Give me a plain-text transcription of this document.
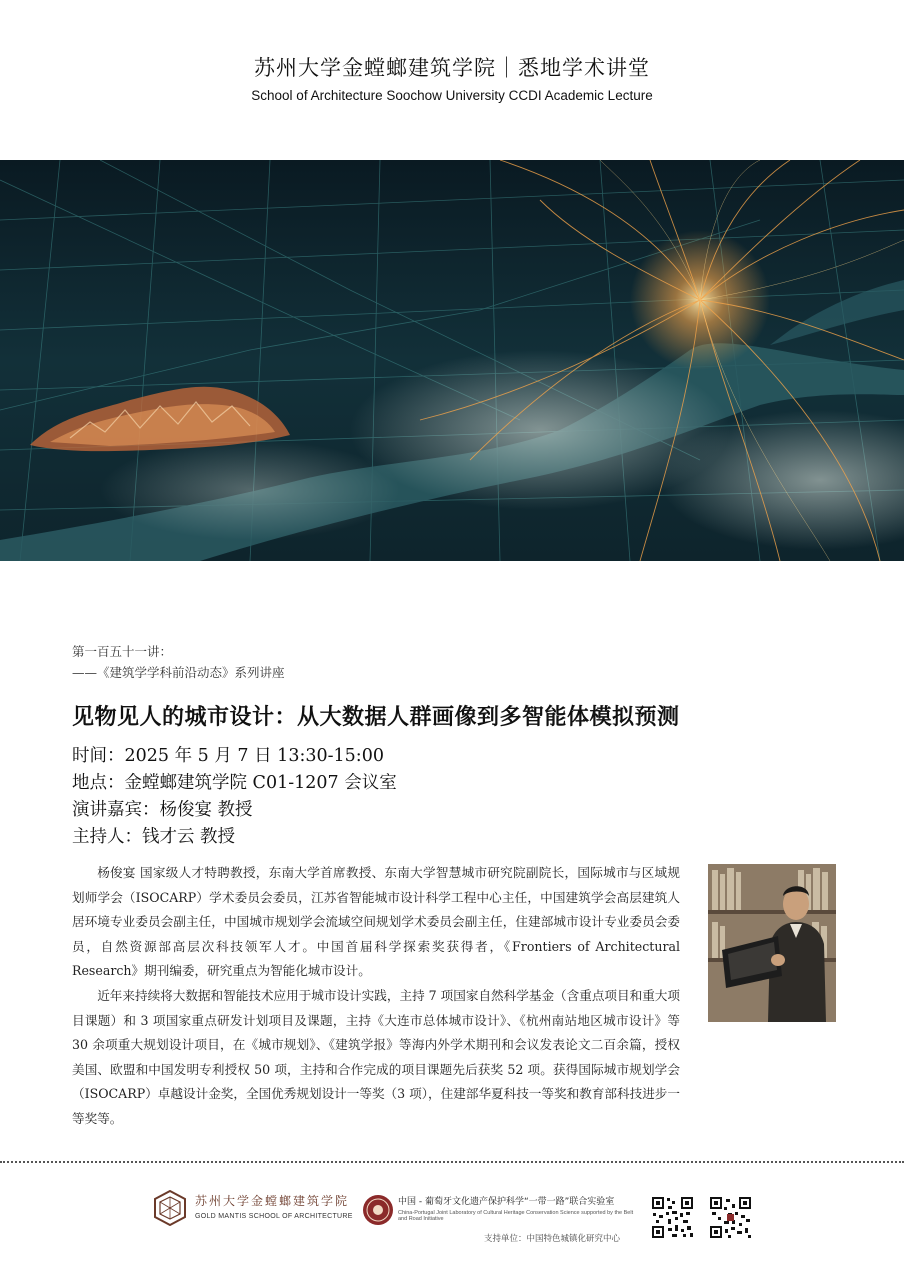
苏州大学金螳螂建筑学院｜悉地学术讲堂
School of Architecture Soochow University CCDI Academic Lecture
第一百五十一讲：
——《建筑学学科前沿动态》系列讲座
见物见人的城市设计：从大数据人群画像到多智能体模拟预测
时间：2025 年 5 月 7 日 13:30-15:00
地点：金螳螂建筑学院 C01-1207 会议室
演讲嘉宾：杨俊宴 教授
主持人：钱才云 教授

杨俊宴 国家级人才特聘教授，东南大学首席教授、东南大学智慧城市研究院副院长，国际城市与区域规划师学会（ISOCARP）学术委员会委员，江苏省智能城市设计科学工程中心主任，中国建筑学会高层建筑人居环境专业委员会副主任，中国城市规划学会流域空间规划学术委员会副主任，住建部城市设计专业委员会委员，自然资源部高层次科技领军人才。中国首届科学探索奖获得者，《Frontiers of Architectural Research》期刊编委，研究重点为智能化城市设计。

近年来持续将大数据和智能技术应用于城市设计实践，主持 7 项国家自然科学基金（含重点项目和重大项目课题）和 3 项国家重点研发计划项目及课题，主持《大连市总体城市设计》、《杭州南站地区城市设计》等 30 余项重大规划设计项目，在《城市规划》、《建筑学报》等海内外学术期刊和会议发表论文二百余篇，授权美国、欧盟和中国发明专利授权 50 项，主持和合作完成的项目课题先后获奖 52 项。获得国际城市规划学会（ISOCARP）卓越设计金奖，全国优秀规划设计一等奖（3 项），住建部华夏科技一等奖和教育部科技进步一等奖等。

苏州大学金螳螂建筑学院
GOLD MANTIS SCHOOL OF ARCHITECTURE
中国 - 葡萄牙文化遗产保护科学“一带一路”联合实验室
China-Portugal Joint Laboratory of Cultural Heritage Conservation Science supported by the Belt and Road Initiative
支持单位：中国特色城镇化研究中心
